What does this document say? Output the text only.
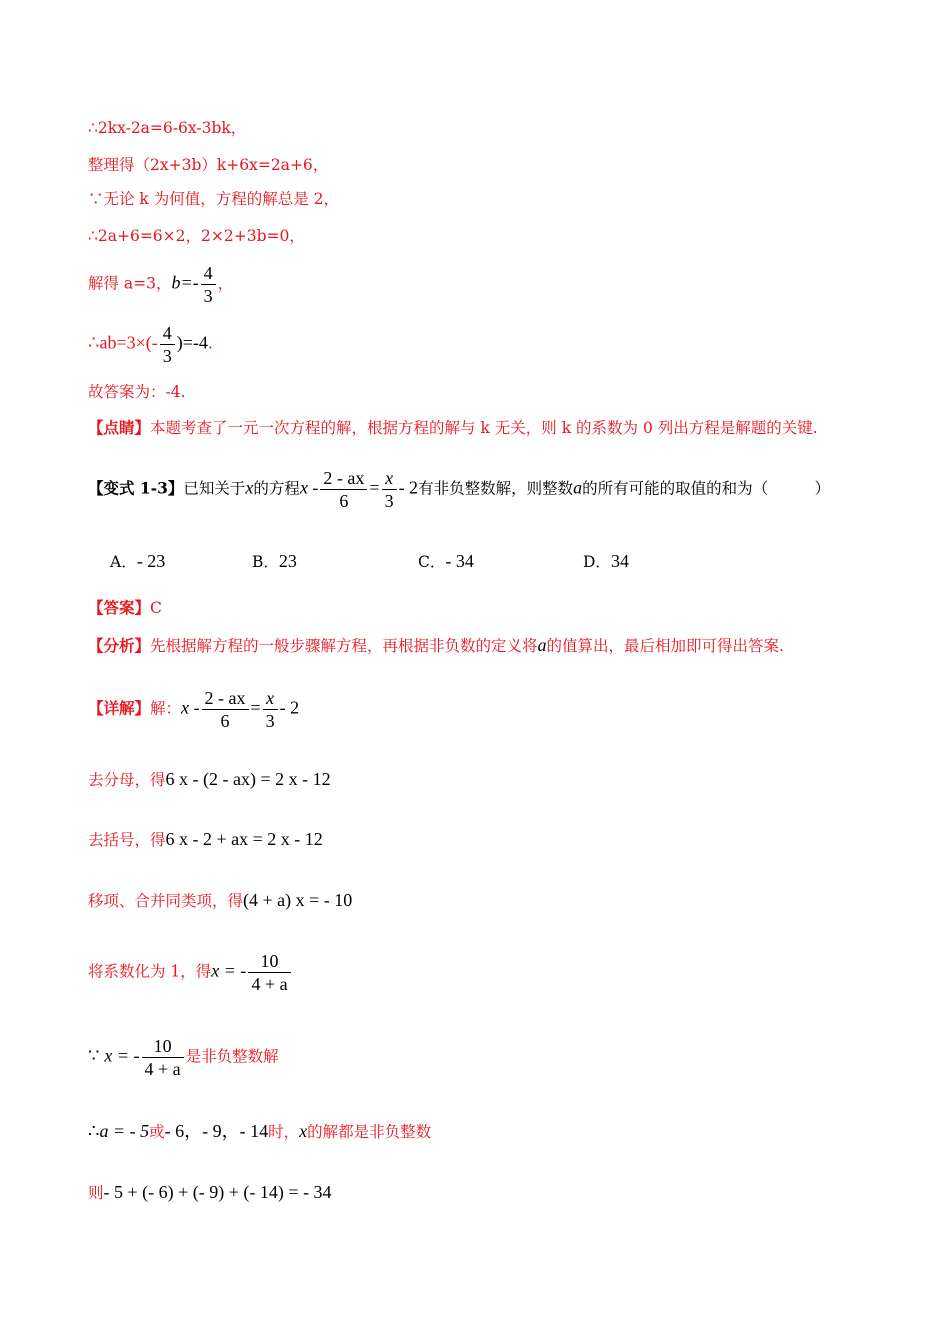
∴2kx-2a=6-6x-3bk，
整理得（2x+3b）k+6x=2a+6，
∵无论 k 为何值，方程的解总是 2，
∴2a+6=6×2，2×2+3b=0，
解得 a=3，$b=- \frac{4}{3}$ ，
∴ab=3×(- $\frac{4}{3} )=-4$.
故答案为：-4.
【点睛】本题考查了一元一次方程的解，根据方程的解与 k 无关，则 k 的系数为 0 列出方程是解题的关键.
【变式 1-3】已知关于x的方程$x - \frac{2 - ax}{6} = \frac{x}{3} - 2$有非负整数解，则整数a的所有可能的取值的和为（　　　）
A．- 23	B．23	C．- 34	D．34
【答案】C
【分析】先根据解方程的一般步骤解方程，再根据非负数的定义将a的值算出，最后相加即可得出答案.
【详解】解：$x - \frac{2 - ax}{6} = \frac{x}{3} - 2$
去分母，得6 x - (2 - ax) = 2 x - 12
去括号，得6 x - 2 + ax = 2 x - 12
移项、合并同类项，得(4 + a) x = - 10
将系数化为 1，得x = - $\frac{10}{4 + a}$
∵ x = - $\frac{10}{4 + a}$ 是非负整数解
∴a = - 5或- 6，- 9，- 14时，x的解都是非负整数
则- 5 + (- 6) + (- 9) + (- 14) = - 34
